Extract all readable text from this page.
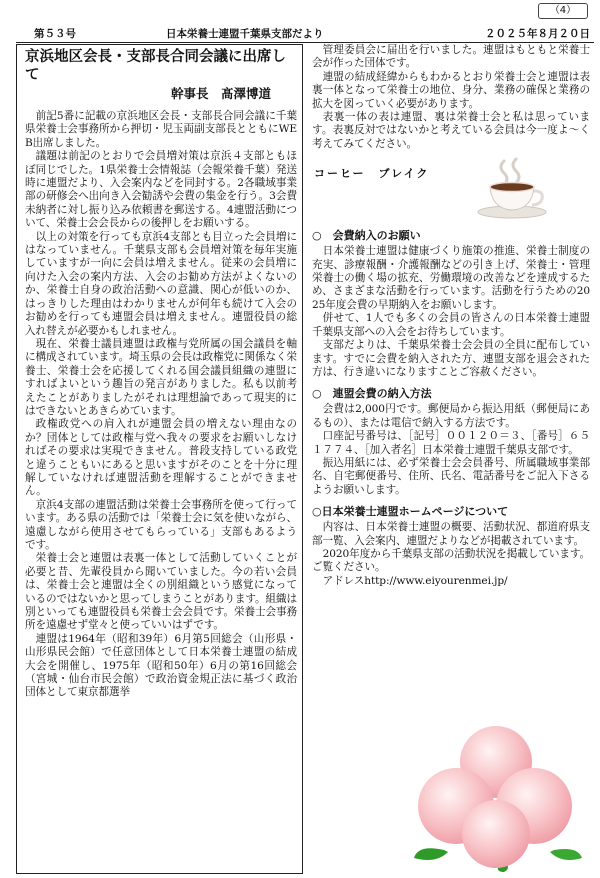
（4）
第５３号	日本栄養士連盟千葉県支部だより	２０２５年８月２０日

京浜地区会長・支部長合同会議に出席して

幹事長　髙澤博道

前記5番に記載の京浜地区会長・支部長合同会議に千葉県栄養士会事務所から押切・児玉両副支部長とともにWEB出席しました。

議題は前記のとおりで会員増対策は京浜４支部ともほぼ同じでした。1県栄養士会情報誌（会報栄養千葉）発送時に連盟だより、入会案内などを同封する。2各職域事業部の研修会へ出向き入会勧誘や会費の集金を行う。3会費未納者に対し振り込み依頼書を郵送する。4連盟活動について、栄養士会会長からの後押しをお願いする。

以上の対策を行っても京浜4支部とも目立った会員増にはなっていません。千葉県支部も会員増対策を毎年実施していますが一向に会員は増えません。従来の会員増に向けた入会の案内方法、入会のお勧め方法がよくないのか、栄養士自身の政治活動への意識、関心が低いのか、はっきりした理由はわかりませんが何年も続けて入会のお勧めを行っても連盟会員は増えません。連盟役員の総入れ替えが必要かもしれません。

現在、栄養士議員連盟は政権与党所属の国会議員を軸に構成されています。埼玉県の会長は政権党に関係なく栄養士、栄養士会を応援してくれる国会議員組織の連盟にすればよいという趣旨の発言がありました。私も以前考えたことがありましたがそれは理想論であって現実的にはできないとあきらめています。

政権政党への肩入れが連盟会員の増えない理由なのか？団体としては政権与党へ我々の要求をお願いしなければその要求は実現できません。普段支持している政党と違うこともいにあると思いますがそのことを十分に理解していなければ連盟活動を理解することができません。

京浜4支部の連盟活動は栄養士会事務所を使って行っています。ある県の活動では「栄養士会に気を使いながら、遠慮しながら使用させてもらっている」支部もあるようです。

栄養士会と連盟は表裏一体として活動していくことが必要と昔、先輩役員から聞いていました。今の若い会員は、栄養士会と連盟は全くの別組織という感覚になっているのではないかと思ってしまうことがあります。組織は別といっても連盟役員も栄養士会会員です。栄養士会事務所を遠慮せず堂々と使っていいはずです。

連盟は1964年（昭和39年）6月第5回総会（山形県・山形県民会館）で任意団体として日本栄養士連盟の結成大会を開催し、1975年（昭和50年）6月の第16回総会（宮城・仙台市民会館）で政治資金規正法に基づく政治団体として東京都選挙

管理委員会に届出を行いました。連盟はもともと栄養士会が作った団体です。

連盟の結成経緯からもわかるとおり栄養士会と連盟は表裏一体となって栄養士の地位、身分、業務の確保と業務の拡大を図っていく必要があります。

表裏一体の表は連盟、裏は栄養士会と私は思っています。表裏反対ではないかと考えている会員は今一度よ～く考えてみてください。

コーヒー　ブレイク

○　会費納入のお願い

日本栄養士連盟は健康づくり施策の推進、栄養士制度の充実、診療報酬・介護報酬などの引き上げ、栄養士・管理栄養士の働く場の拡充、労働環境の改善などを達成するため、さまざまな活動を行っています。活動を行うための2025年度会費の早期納入をお願いします。

併せて、1人でも多くの会員の皆さんの日本栄養士連盟千葉県支部への入会をお待ちしています。

支部だよりは、千葉県栄養士会会員の全員に配布しています。すでに会費を納入された方、連盟支部を退会された方は、行き違いになりますことご容赦ください。

○　連盟会費の納入方法

会費は2,000円です。郵便局から振込用紙（郵便局にあるもの）、または電信で納入する方法です。

口座記号番号は、［記号］００１２０＝３、［番号］６５１７７４、［加入者名］日本栄養士連盟千葉県支部です。

振込用紙には、必ず栄養士会会員番号、所属職域事業部名、自宅郵便番号、住所、氏名、電話番号をご記入下さるようお願いします。

○日本栄養士連盟ホームページについて

内容は、日本栄養士連盟の概要、活動状況、都道府県支部一覧、入会案内、連盟だよりなどが掲載されています。

2020年度から千葉県支部の活動状況を掲載しています。ご覧ください。

アドレスhttp://www.eiyourenmei.jp/
